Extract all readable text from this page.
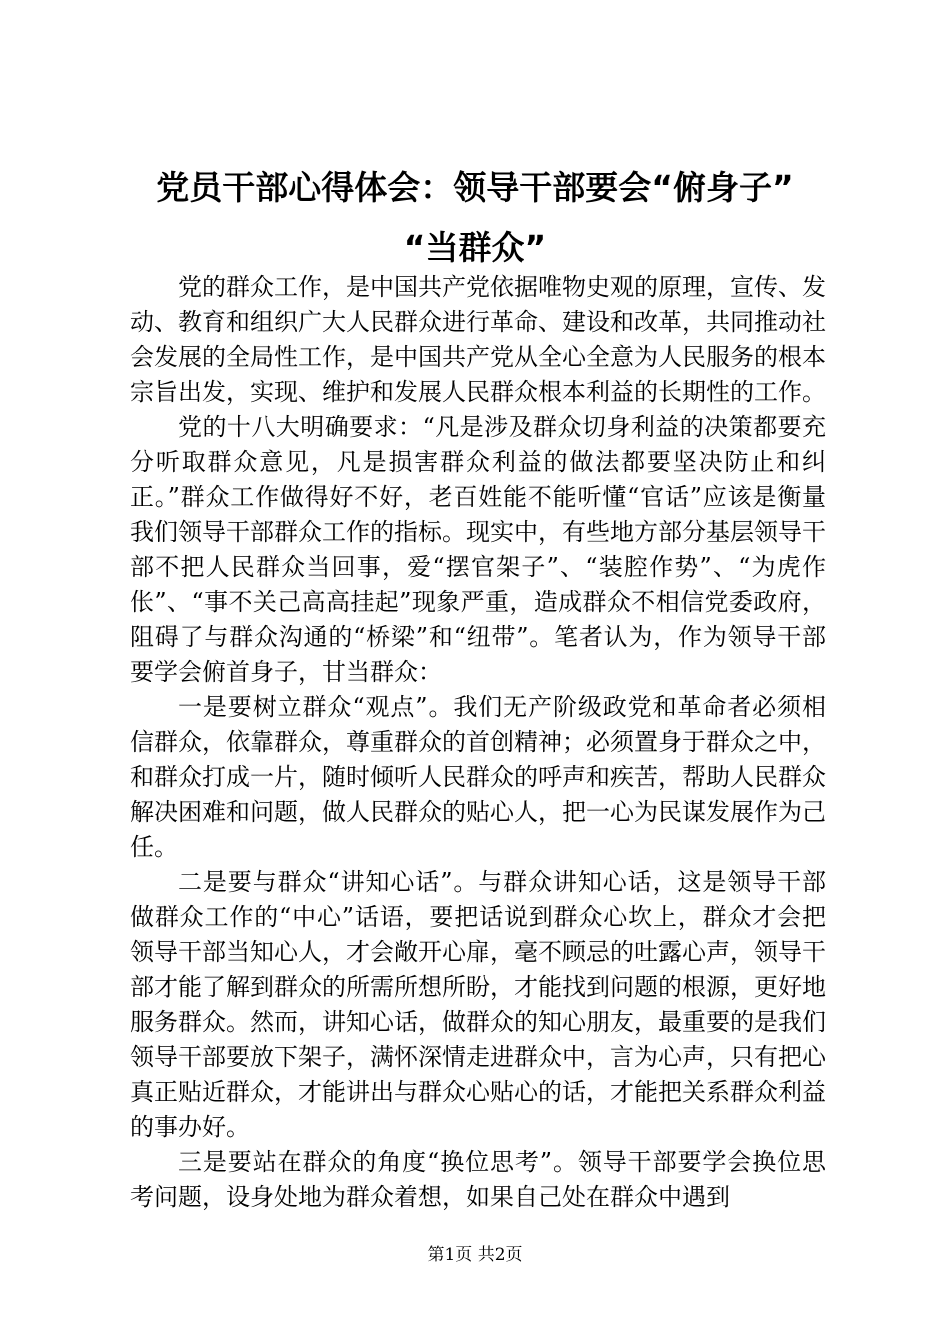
党员干部心得体会：领导干部要会“俯身子”
“当群众”

党的群众工作，是中国共产党依据唯物史观的原理，宣传、发动、教育和组织广大人民群众进行革命、建设和改革，共同推动社会发展的全局性工作，是中国共产党从全心全意为人民服务的根本宗旨出发，实现、维护和发展人民群众根本利益的长期性的工作。

党的十八大明确要求：“凡是涉及群众切身利益的决策都要充分听取群众意见，凡是损害群众利益的做法都要坚决防止和纠正。”群众工作做得好不好，老百姓能不能听懂“官话”应该是衡量我们领导干部群众工作的指标。现实中，有些地方部分基层领导干部不把人民群众当回事，爱“摆官架子”、“装腔作势”、“为虎作伥”、“事不关己高高挂起”现象严重，造成群众不相信党委政府，阻碍了与群众沟通的“桥梁”和“纽带”。笔者认为，作为领导干部要学会俯首身子，甘当群众：

一是要树立群众“观点”。我们无产阶级政党和革命者必须相信群众，依靠群众，尊重群众的首创精神；必须置身于群众之中，和群众打成一片，随时倾听人民群众的呼声和疾苦，帮助人民群众解决困难和问题，做人民群众的贴心人，把一心为民谋发展作为己任。

二是要与群众“讲知心话”。与群众讲知心话，这是领导干部做群众工作的“中心”话语，要把话说到群众心坎上，群众才会把领导干部当知心人，才会敞开心扉，毫不顾忌的吐露心声，领导干部才能了解到群众的所需所想所盼，才能找到问题的根源，更好地服务群众。然而，讲知心话，做群众的知心朋友，最重要的是我们领导干部要放下架子，满怀深情走进群众中，言为心声，只有把心真正贴近群众，才能讲出与群众心贴心的话，才能把关系群众利益的事办好。

三是要站在群众的角度“换位思考”。领导干部要学会换位思考问题，设身处地为群众着想，如果自己处在群众中遇到

第1页 共2页
